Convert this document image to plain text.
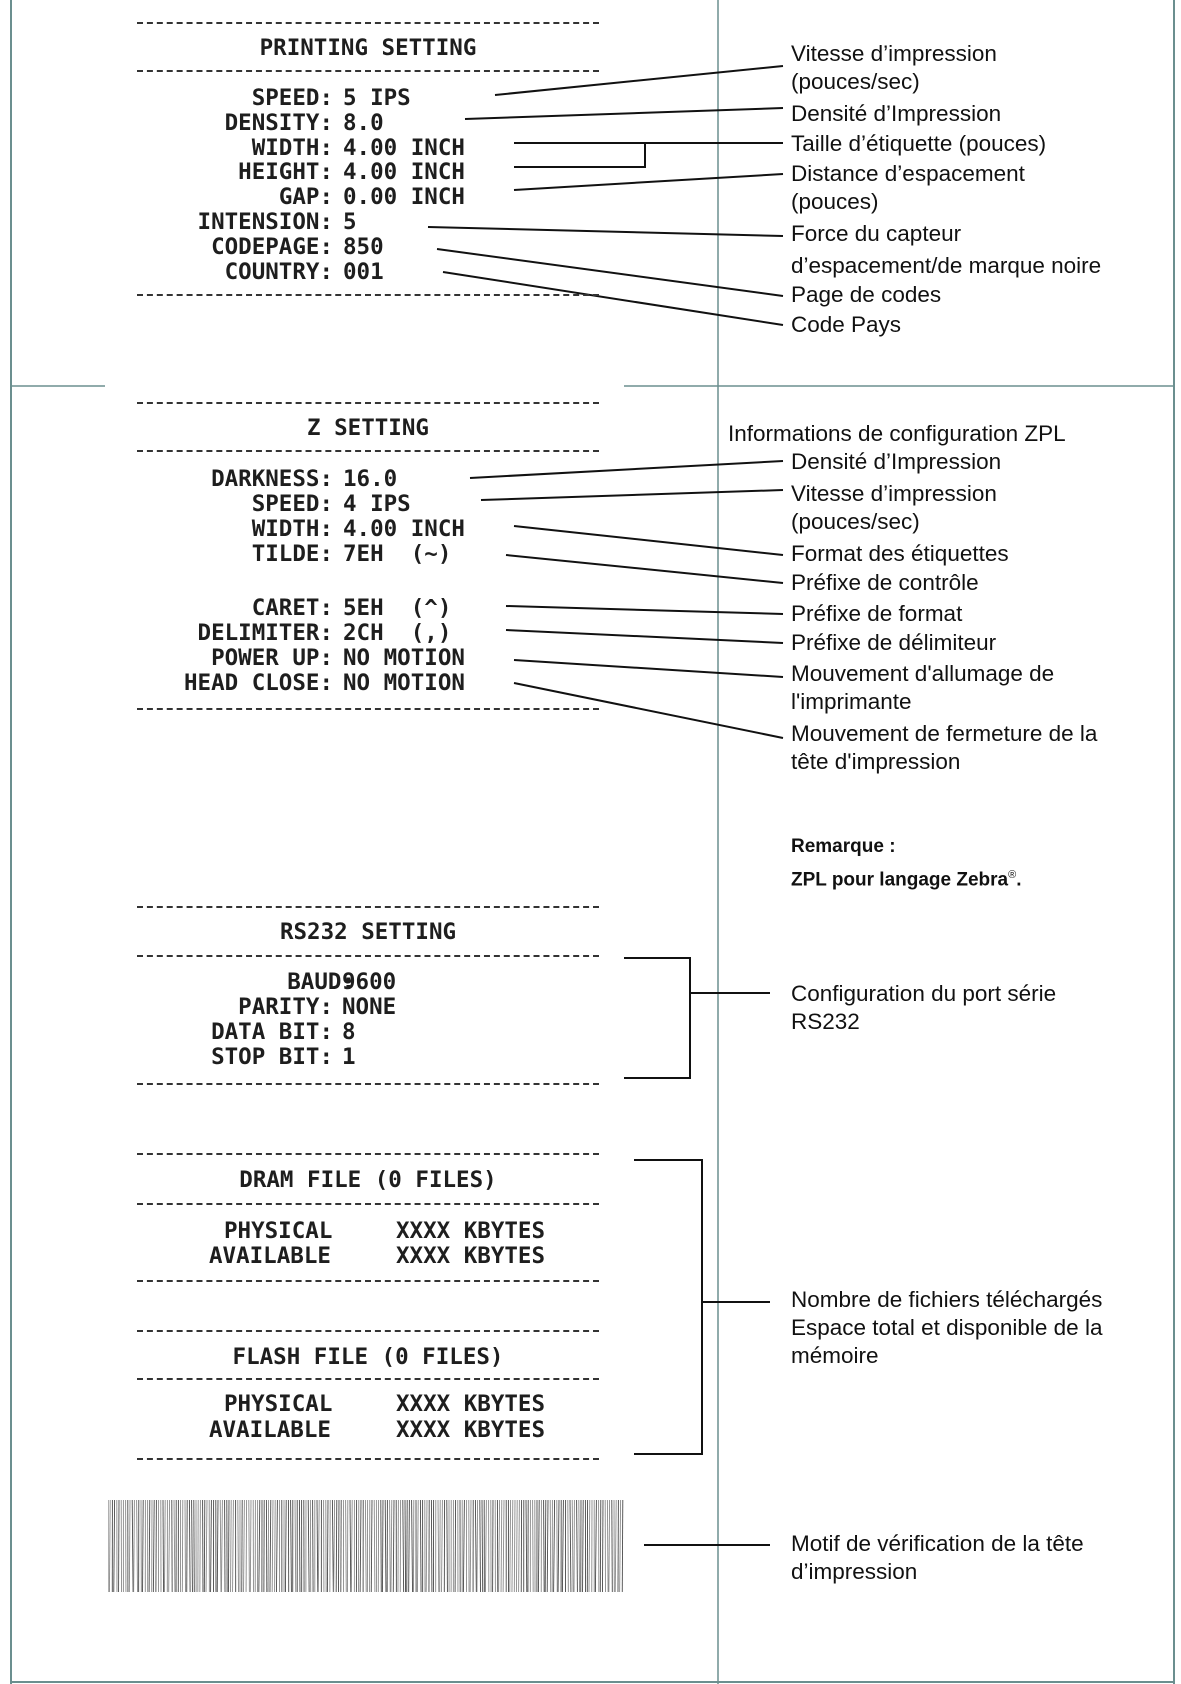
PRINTING SETTING
SPEED: 5 IPS
DENSITY: 8.0
WIDTH: 4.00 INCH
HEIGHT: 4.00 INCH
GAP: 0.00 INCH
INTENSION: 5
CODEPAGE: 850
COUNTRY: 001
Vitesse d’impression
(pouces/sec)
Densité d’Impression
Taille d’étiquette (pouces)
Distance d’espacement
(pouces)
Force du capteur
d’espacement/de marque noire
Page de codes
Code Pays
Z SETTING
DARKNESS: 16.0
SPEED: 4 IPS
WIDTH: 4.00 INCH
TILDE: 7EH  (~)
CARET: 5EH  (^)
DELIMITER: 2CH  (,)
POWER UP: NO MOTION
HEAD CLOSE: NO MOTION
Informations de configuration ZPL
Densité d’Impression
Vitesse d’impression
(pouces/sec)
Format des étiquettes
Préfixe de contrôle
Préfixe de format
Préfixe de délimiteur
Mouvement d'allumage de
l'imprimante
Mouvement de fermeture de la
tête d'impression
Remarque :
ZPL pour langage Zebra®.
RS232 SETTING
BAUD:
9600
PARITY: NONE
DATA BIT: 8
STOP BIT: 1
Configuration du port série
RS232
DRAM FILE (0 FILES)
PHYSICAL	XXXX KBYTES
AVAILABLE	XXXX KBYTES
FLASH FILE (0 FILES)
PHYSICAL	XXXX KBYTES
AVAILABLE	XXXX KBYTES
Nombre de fichiers téléchargés
Espace total et disponible de la
mémoire
Motif de vérification de la tête
d’impression
